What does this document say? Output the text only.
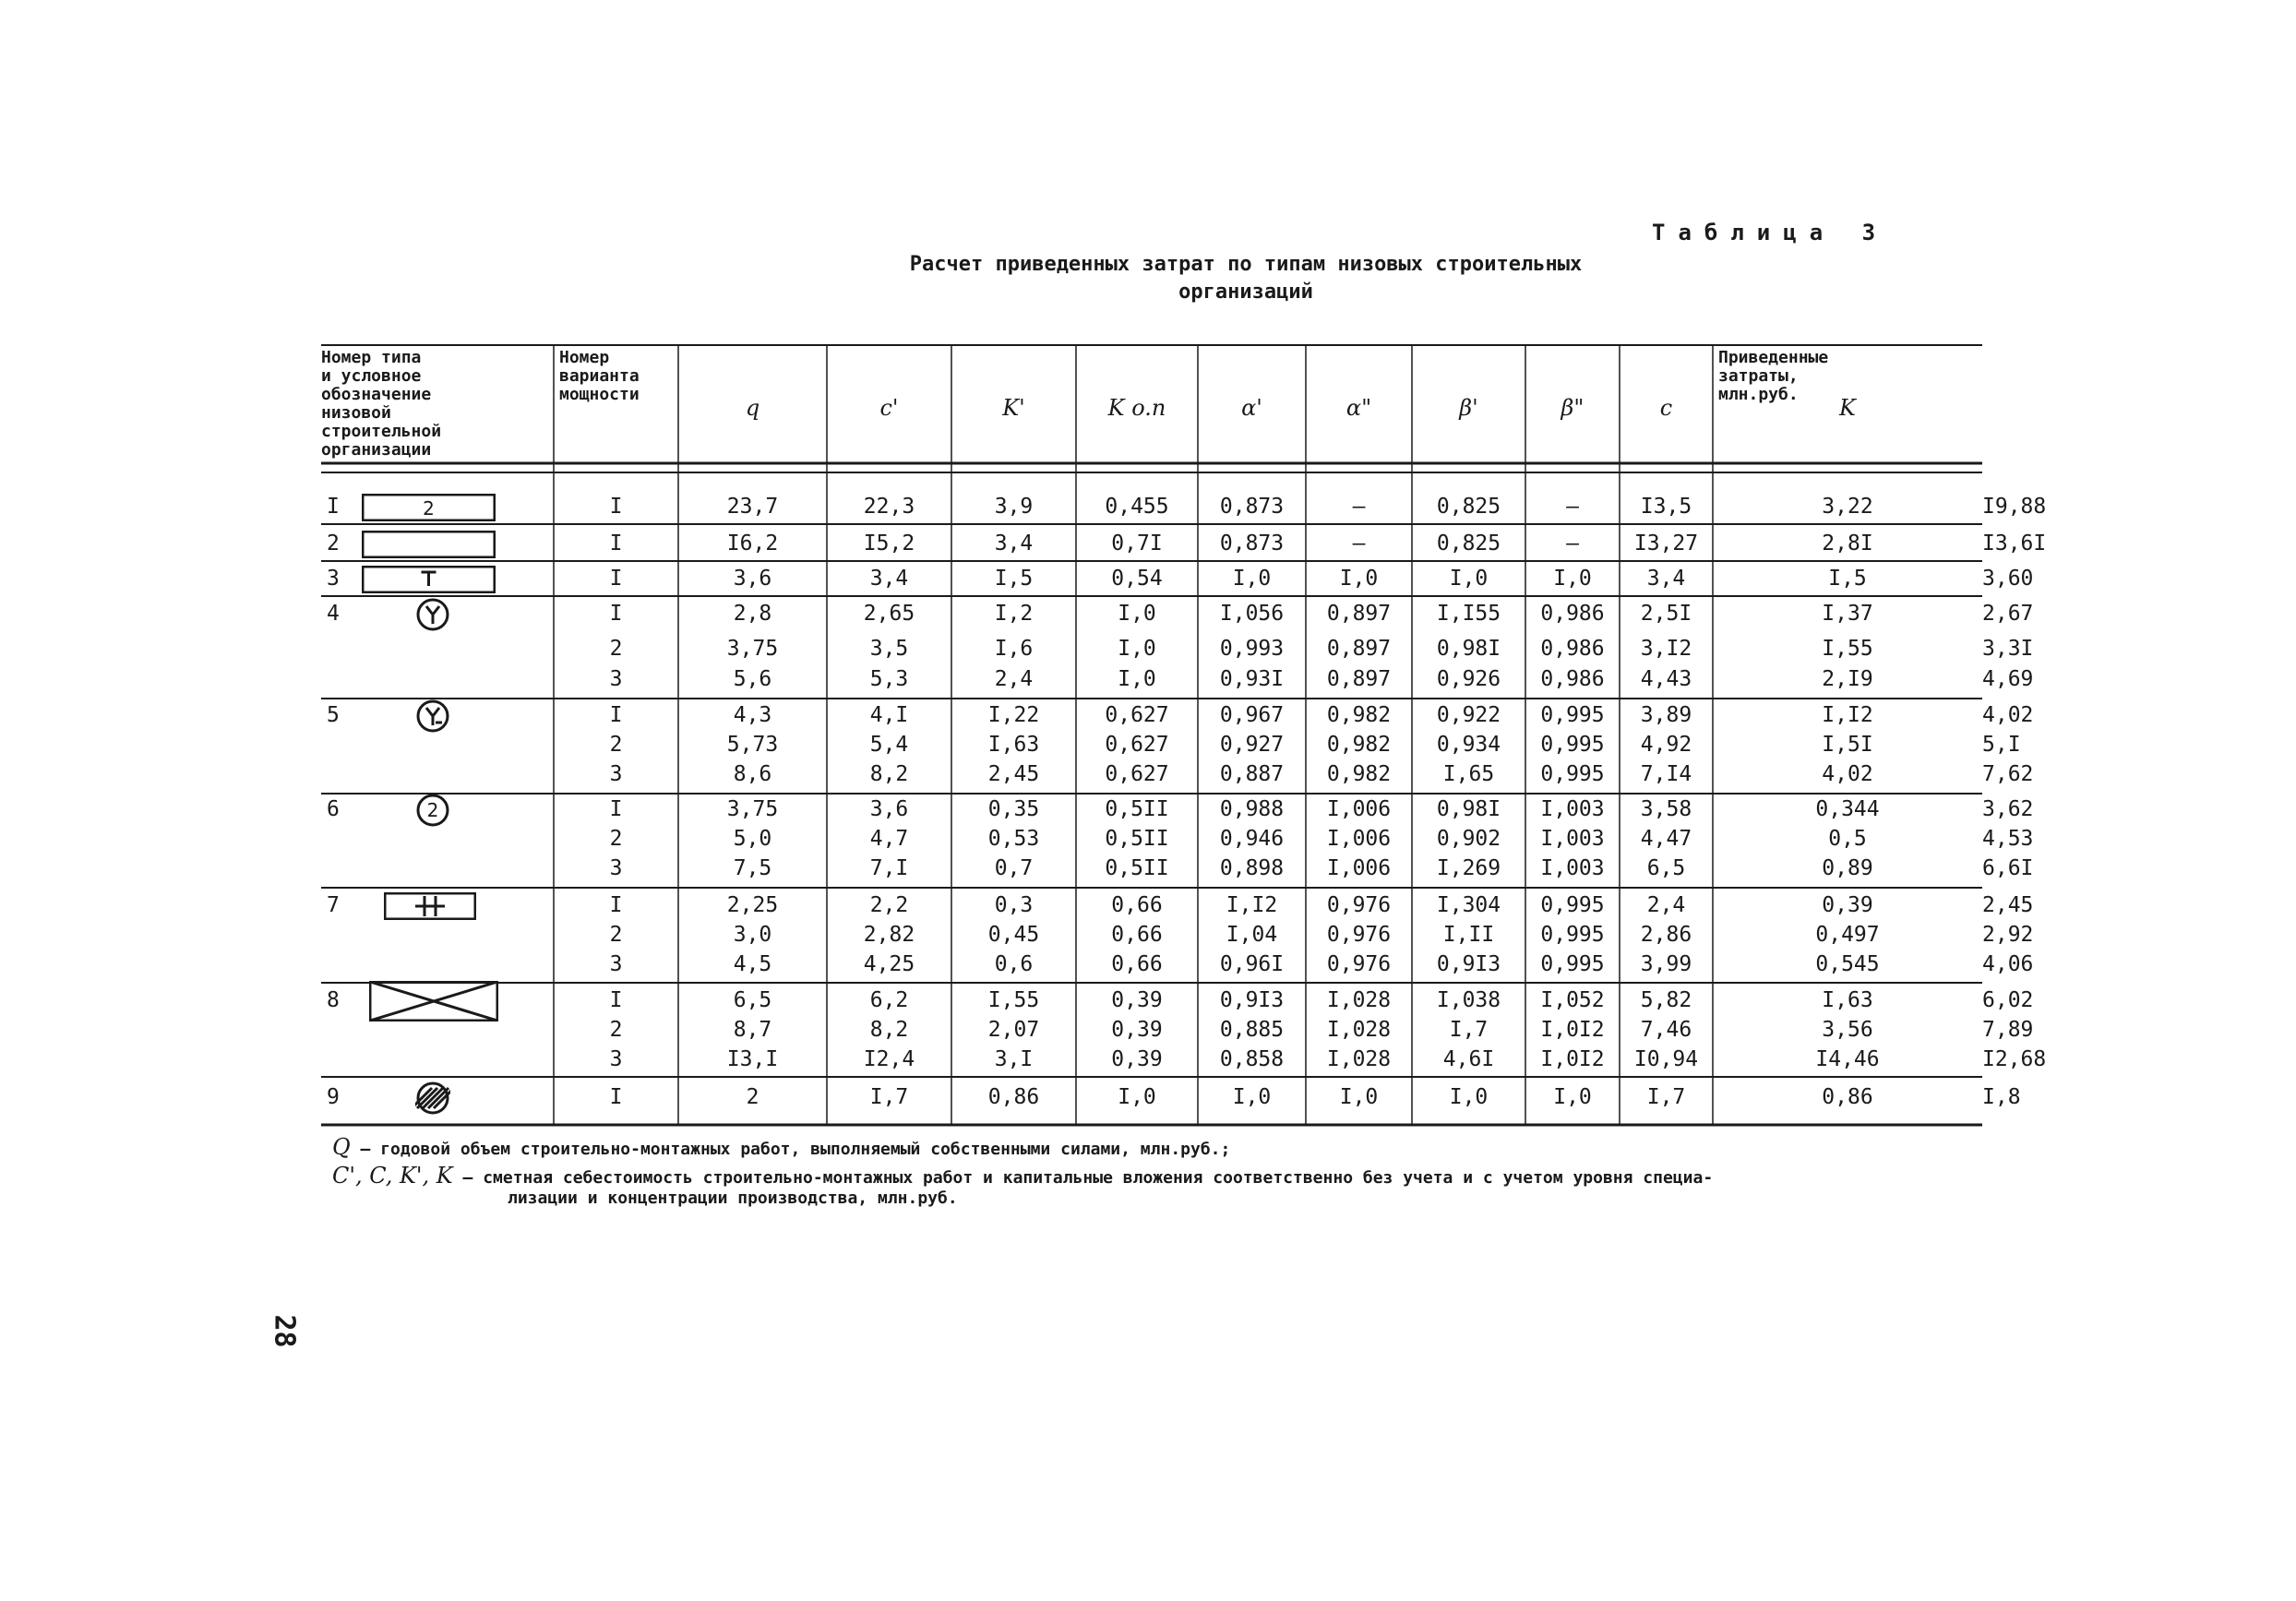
Таблица 3
Расчет приведенных затрат по типам низовых строительных
организаций
Номер типа
и условное
обозначение
низовой
строительной
организации
Номер
варианта
мощности
Приведенные
затраты,
млн.руб.
q	c'	K'	K o.n	α'	α"	β'	β"	c	K
I	I	23,7	22,3	3,9	0,455	0,873	–	0,825	–	I3,5	3,22	I9,88
2
2	I	I6,2	I5,2	3,4	0,7I	0,873	–	0,825	–	I3,27	2,8I	I3,6I
3	I	3,6	3,4	I,5	0,54	I,0	I,0	I,0	I,0	3,4	I,5	3,60
4	I	2,8	2,65	I,2	I,0	I,056	0,897	I,I55	0,986	2,5I	I,37	2,67
2	3,75	3,5	I,6	I,0	0,993	0,897	0,98I	0,986	3,I2	I,55	3,3I
3	5,6	5,3	2,4	I,0	0,93I	0,897	0,926	0,986	4,43	2,I9	4,69
5	I	4,3	4,I	I,22	0,627	0,967	0,982	0,922	0,995	3,89	I,I2	4,02
2	5,73	5,4	I,63	0,627	0,927	0,982	0,934	0,995	4,92	I,5I	5,I
3	8,6	8,2	2,45	0,627	0,887	0,982	I,65	0,995	7,I4	4,02	7,62
6	I	3,75	3,6	0,35	0,5II	0,988	I,006	0,98I	I,003	3,58	0,344	3,62
2
2	5,0	4,7	0,53	0,5II	0,946	I,006	0,902	I,003	4,47	0,5	4,53
3	7,5	7,I	0,7	0,5II	0,898	I,006	I,269	I,003	6,5	0,89	6,6I
7	I	2,25	2,2	0,3	0,66	I,I2	0,976	I,304	0,995	2,4	0,39	2,45
2	3,0	2,82	0,45	0,66	I,04	0,976	I,II	0,995	2,86	0,497	2,92
3	4,5	4,25	0,6	0,66	0,96I	0,976	0,9I3	0,995	3,99	0,545	4,06
8	I	6,5	6,2	I,55	0,39	0,9I3	I,028	I,038	I,052	5,82	I,63	6,02
2	8,7	8,2	2,07	0,39	0,885	I,028	I,7	I,0I2	7,46	3,56	7,89
3	I3,I	I2,4	3,I	0,39	0,858	I,028	4,6I	I,0I2	I0,94	I4,46	I2,68
9	I	2	I,7	0,86	I,0	I,0	I,0	I,0	I,0	I,7	0,86	I,8
Q – годовой объем строительно-монтажных работ, выполняемый собственными силами, млн.руб.;
C', C, K', K – сметная себестоимость строительно-монтажных работ и капитальные вложения соответственно без учета и с учетом уровня специа-
лизации и концентрации производства, млн.руб.
28
